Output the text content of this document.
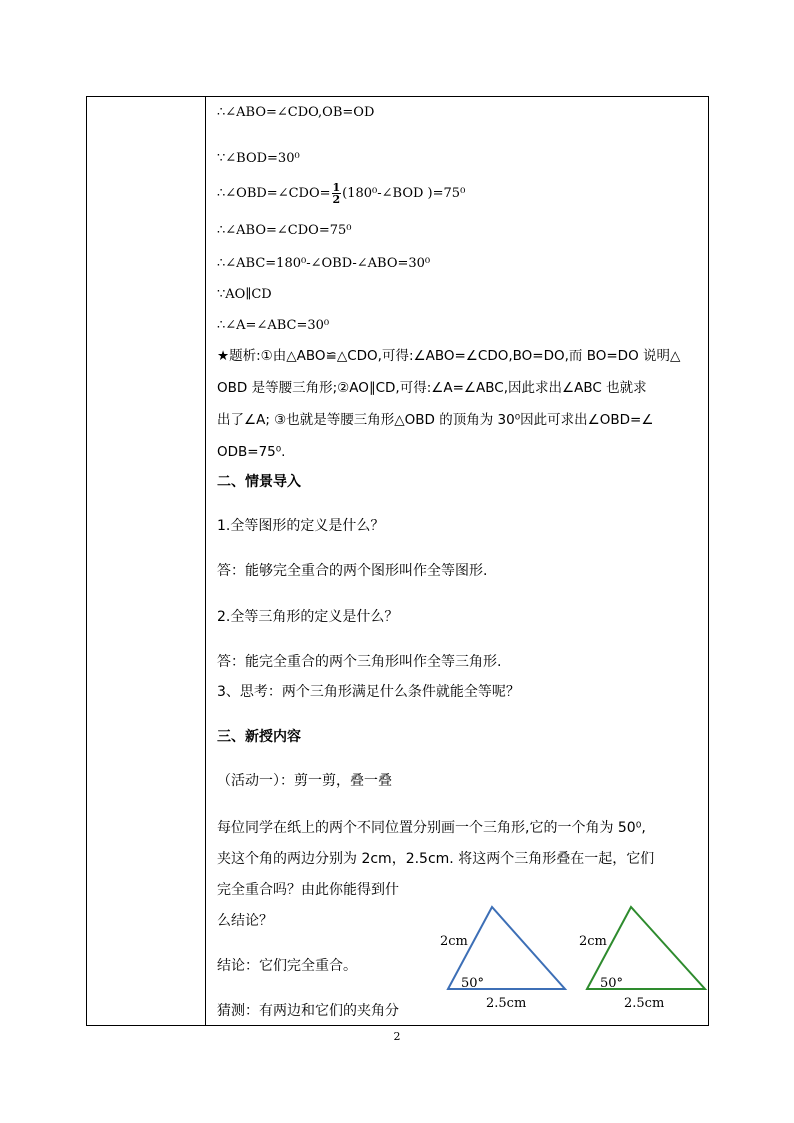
∴∠ABO=∠CDO,OB=OD
∵∠BOD=30⁰
∴∠OBD=∠CDO= $\frac{1}{2}$ (180⁰-∠BOD )=75⁰
∴∠ABO=∠CDO=75⁰
∴∠ABC=180⁰-∠OBD-∠ABO=30⁰
∵AO∥CD
∴∠A=∠ABC=30⁰
★题析:①由△ABO≌△CDO,可得:∠ABO=∠CDO,BO=DO,而 BO=DO 说明△
OBD 是等腰三角形;②AO∥CD,可得:∠A=∠ABC,因此求出∠ABC 也就求
出了∠A; ③也就是等腰三角形△OBD 的顶角为 30⁰因此可求出∠OBD=∠
ODB=75⁰.
二、情景导入
1.全等图形的定义是什么？
答：能够完全重合的两个图形叫作全等图形.
2.全等三角形的定义是什么？
答：能完全重合的两个三角形叫作全等三角形.
3、思考：两个三角形满足什么条件就能全等呢？
三、新授内容
（活动一）：剪一剪，叠一叠
每位同学在纸上的两个不同位置分别画一个三角形,它的一个角为 50⁰,
夹这个角的两边分别为 2cm，2.5cm. 将这两个三角形叠在一起，它们
完全重合吗？由此你能得到什
么结论？
结论：它们完全重合。
猜测：有两边和它们的夹角分
2cm
50°
2.5cm
2cm
50°
2.5cm
2
